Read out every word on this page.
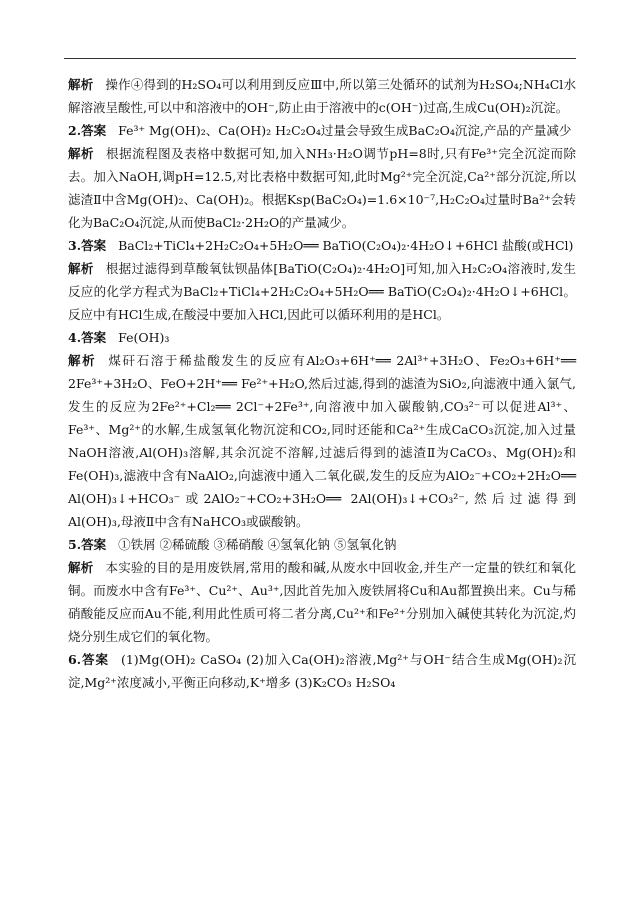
解析 操作④得到的H₂SO₄可以利用到反应Ⅲ中,所以第三处循环的试剂为H₂SO₄;NH₄Cl水解溶液呈酸性,可以中和溶液中的OH⁻,防止由于溶液中的c(OH⁻)过高,生成Cu(OH)₂沉淀。

2.答案 Fe³⁺ Mg(OH)₂、Ca(OH)₂ H₂C₂O₄过量会导致生成BaC₂O₄沉淀,产品的产量减少

解析 根据流程图及表格中数据可知,加入NH₃·H₂O调节pH=8时,只有Fe³⁺完全沉淀而除去。加入NaOH,调pH=12.5,对比表格中数据可知,此时Mg²⁺完全沉淀,Ca²⁺部分沉淀,所以滤渣Ⅱ中含Mg(OH)₂、Ca(OH)₂。根据Ksp(BaC₂O₄)=1.6×10⁻⁷,H₂C₂O₄过量时Ba²⁺会转化为BaC₂O₄沉淀,从而使BaCl₂·2H₂O的产量减少。

3.答案 BaCl₂+TiCl₄+2H₂C₂O₄+5H₂O══ BaTiO(C₂O₄)₂·4H₂O↓+6HCl 盐酸(或HCl)

解析 根据过滤得到草酸氧钛钡晶体[BaTiO(C₂O₄)₂·4H₂O]可知,加入H₂C₂O₄溶液时,发生反应的化学方程式为BaCl₂+TiCl₄+2H₂C₂O₄+5H₂O══ BaTiO(C₂O₄)₂·4H₂O↓+6HCl。反应中有HCl生成,在酸浸中要加入HCl,因此可以循环利用的是HCl。

4.答案 Fe(OH)₃

解析 煤矸石溶于稀盐酸发生的反应有Al₂O₃+6H⁺══ 2Al³⁺+3H₂O、Fe₂O₃+6H⁺══ 2Fe³⁺+3H₂O、FeO+2H⁺══ Fe²⁺+H₂O,然后过滤,得到的滤渣为SiO₂,向滤液中通入氯气,发生的反应为2Fe²⁺+Cl₂══ 2Cl⁻+2Fe³⁺,向溶液中加入碳酸钠,CO₃²⁻可以促进Al³⁺、Fe³⁺、Mg²⁺的水解,生成氢氧化物沉淀和CO₂,同时还能和Ca²⁺生成CaCO₃沉淀,加入过量NaOH溶液,Al(OH)₃溶解,其余沉淀不溶解,过滤后得到的滤渣Ⅱ为CaCO₃、Mg(OH)₂和Fe(OH)₃,滤液中含有NaAlO₂,向滤液中通入二氧化碳,发生的反应为AlO₂⁻+CO₂+2H₂O══ Al(OH)₃↓+HCO₃⁻或2AlO₂⁻+CO₂+3H₂O══ 2Al(OH)₃↓+CO₃²⁻,然后过滤得到Al(OH)₃,母液Ⅱ中含有NaHCO₃或碳酸钠。

5.答案 ①铁屑 ②稀硫酸 ③稀硝酸 ④氢氧化钠 ⑤氢氧化钠

解析 本实验的目的是用废铁屑,常用的酸和碱,从废水中回收金,并生产一定量的铁红和氧化铜。而废水中含有Fe³⁺、Cu²⁺、Au³⁺,因此首先加入废铁屑将Cu和Au都置换出来。Cu与稀硝酸能反应而Au不能,利用此性质可将二者分离,Cu²⁺和Fe²⁺分别加入碱使其转化为沉淀,灼烧分别生成它们的氧化物。

6.答案 (1)Mg(OH)₂ CaSO₄ (2)加入Ca(OH)₂溶液,Mg²⁺与OH⁻结合生成Mg(OH)₂沉淀,Mg²⁺浓度减小,平衡正向移动,K⁺增多 (3)K₂CO₃ H₂SO₄
